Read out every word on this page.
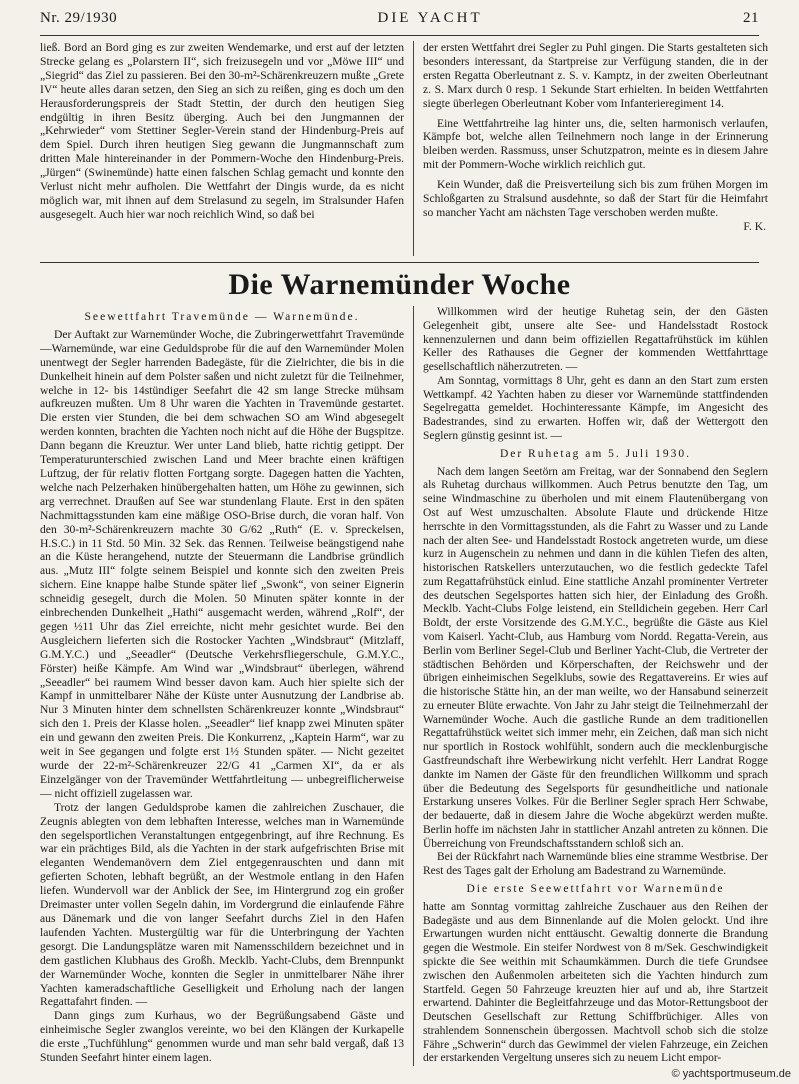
Nr. 29/1930	DIE YACHT	21

ließ. Bord an Bord ging es zur zweiten Wendemarke, und erst auf der letzten Strecke gelang es „Polarstern II“, sich freizusegeln und vor „Möwe III“ und „Siegrid“ das Ziel zu passieren. Bei den 30-m²-Schärenkreuzern mußte „Grete IV“ heute alles daran setzen, den Sieg an sich zu reißen, ging es doch um den Herausforderungspreis der Stadt Stettin, der durch den heutigen Sieg endgültig in ihren Besitz überging. Auch bei den Jungmannen der „Kehrwieder“ vom Stettiner Segler-Verein stand der Hindenburg-Preis auf dem Spiel. Durch ihren heutigen Sieg gewann die Jungmannschaft zum dritten Male hintereinander in der Pommern-Woche den Hindenburg-Preis. „Jürgen“ (Swinemünde) hatte einen falschen Schlag gemacht und konnte den Verlust nicht mehr aufholen. Die Wettfahrt der Dingis wurde, da es nicht möglich war, mit ihnen auf dem Strelasund zu segeln, im Stralsunder Hafen ausgesegelt. Auch hier war noch reichlich Wind, so daß bei

der ersten Wettfahrt drei Segler zu Puhl gingen. Die Starts gestalteten sich besonders interessant, da Startpreise zur Verfügung standen, die in der ersten Regatta Oberleutnant z. S. v. Kamptz, in der zweiten Oberleutnant z. S. Marx durch 0 resp. 1 Sekunde Start erhielten. In beiden Wettfahrten siegte überlegen Oberleutnant Kober vom Infanterieregiment 14.

Eine Wettfahrtreihe lag hinter uns, die, selten harmonisch verlaufen, Kämpfe bot, welche allen Teilnehmern noch lange in der Erinnerung bleiben werden. Rassmuss, unser Schutzpatron, meinte es in diesem Jahre mit der Pommern-Woche wirklich reichlich gut.

Kein Wunder, daß die Preisverteilung sich bis zum frühen Morgen im Schloßgarten zu Stralsund ausdehnte, so daß der Start für die Heimfahrt so mancher Yacht am nächsten Tage verschoben werden mußte.

F. K.
Die Warnemünder Woche

Seewettfahrt Travemünde — Warnemünde.

Der Auftakt zur Warnemünder Woche, die Zubringerwettfahrt Travemünde—Warnemünde, war eine Geduldsprobe für die auf den Warnemünder Molen unentwegt der Segler harrenden Badegäste, für die Zielrichter, die bis in die Dunkelheit hinein auf dem Polster saßen und nicht zuletzt für die Teilnehmer, welche in 12- bis 14stündiger Seefahrt die 42 sm lange Strecke mühsam aufkreuzen mußten. Um 8 Uhr waren die Yachten in Travemünde gestartet. Die ersten vier Stunden, die bei dem schwachen SO am Wind abgesegelt werden konnten, brachten die Yachten noch nicht auf die Höhe der Bugspitze. Dann begann die Kreuztur. Wer unter Land blieb, hatte richtig getippt. Der Temperaturunterschied zwischen Land und Meer brachte einen kräftigen Luftzug, der für relativ flotten Fortgang sorgte. Dagegen hatten die Yachten, welche nach Pelzerhaken hinübergehalten hatten, um Höhe zu gewinnen, sich arg verrechnet. Draußen auf See war stundenlang Flaute. Erst in den späten Nachmittagsstunden kam eine mäßige OSO-Brise durch, die voran half. Von den 30-m²-Schärenkreuzern machte 30 G/62 „Ruth“ (E. v. Spreckelsen, H.S.C.) in 11 Std. 50 Min. 32 Sek. das Rennen. Teilweise beängstigend nahe an die Küste herangehend, nutzte der Steuermann die Landbrise gründlich aus. „Mutz III“ folgte seinem Beispiel und konnte sich den zweiten Preis sichern. Eine knappe halbe Stunde später lief „Swonk“, von seiner Eignerin schneidig gesegelt, durch die Molen. 50 Minuten später konnte in der einbrechenden Dunkelheit „Hathi“ ausgemacht werden, während „Rolf“, der gegen ½11 Uhr das Ziel erreichte, nicht mehr gesichtet wurde. Bei den Ausgleichern lieferten sich die Rostocker Yachten „Windsbraut“ (Mitzlaff, G.M.Y.C.) und „Seeadler“ (Deutsche Verkehrsfliegerschule, G.M.Y.C., Förster) heiße Kämpfe. Am Wind war „Windsbraut“ überlegen, während „Seeadler“ bei raumem Wind besser davon kam. Auch hier spielte sich der Kampf in unmittelbarer Nähe der Küste unter Ausnutzung der Landbrise ab. Nur 3 Minuten hinter dem schnellsten Schärenkreuzer konnte „Windsbraut“ sich den 1. Preis der Klasse holen. „Seeadler“ lief knapp zwei Minuten später ein und gewann den zweiten Preis. Die Konkurrenz, „Kaptein Harm“, war zu weit in See gegangen und folgte erst 1½ Stunden später. — Nicht gezeitet wurde der 22-m²-Schärenkreuzer 22/G 41 „Carmen XI“, da er als Einzelgänger von der Travemünder Wettfahrtleitung — unbegreiflicherweise — nicht offiziell zugelassen war.

Trotz der langen Geduldsprobe kamen die zahlreichen Zuschauer, die Zeugnis ablegten von dem lebhaften Interesse, welches man in Warnemünde den segelsportlichen Veranstaltungen entgegenbringt, auf ihre Rechnung. Es war ein prächtiges Bild, als die Yachten in der stark aufgefrischten Brise mit eleganten Wendemanövern dem Ziel entgegenrauschten und dann mit gefierten Schoten, lebhaft begrüßt, an der Westmole entlang in den Hafen liefen. Wundervoll war der Anblick der See, im Hintergrund zog ein großer Dreimaster unter vollen Segeln dahin, im Vordergrund die einlaufende Fähre aus Dänemark und die von langer Seefahrt durchs Ziel in den Hafen laufenden Yachten. Mustergültig war für die Unterbringung der Yachten gesorgt. Die Landungsplätze waren mit Namensschildern bezeichnet und in dem gastlichen Klubhaus des Großh. Mecklb. Yacht-Clubs, dem Brennpunkt der Warnemünder Woche, konnten die Segler in unmittelbarer Nähe ihrer Yachten kameradschaftliche Geselligkeit und Erholung nach der langen Regattafahrt finden. —

Dann gings zum Kurhaus, wo der Begrüßungsabend Gäste und einheimische Segler zwanglos vereinte, wo bei den Klängen der Kurkapelle die erste „Tuchfühlung“ genommen wurde und man sehr bald vergaß, daß 13 Stunden Seefahrt hinter einem lagen.

Willkommen wird der heutige Ruhetag sein, der den Gästen Gelegenheit gibt, unsere alte See- und Handelsstadt Rostock kennenzulernen und dann beim offiziellen Regattafrühstück im kühlen Keller des Rathauses die Gegner der kommenden Wettfahrttage gesellschaftlich näherzutreten. —

Am Sonntag, vormittags 8 Uhr, geht es dann an den Start zum ersten Wettkampf. 42 Yachten haben zu dieser vor Warnemünde stattfindenden Segelregatta gemeldet. Hochinteressante Kämpfe, im Angesicht des Badestrandes, sind zu erwarten. Hoffen wir, daß der Wettergott den Seglern günstig gesinnt ist. —

Der Ruhetag am 5. Juli 1930.

Nach dem langen Seetörn am Freitag, war der Sonnabend den Seglern als Ruhetag durchaus willkommen. Auch Petrus benutzte den Tag, um seine Windmaschine zu überholen und mit einem Flautenübergang von Ost auf West umzuschalten. Absolute Flaute und drückende Hitze herrschte in den Vormittagsstunden, als die Fahrt zu Wasser und zu Lande nach der alten See- und Handelsstadt Rostock angetreten wurde, um diese kurz in Augenschein zu nehmen und dann in die kühlen Tiefen des alten, historischen Ratskellers unterzutauchen, wo die festlich gedeckte Tafel zum Regattafrühstück einlud. Eine stattliche Anzahl prominenter Vertreter des deutschen Segelsportes hatten sich hier, der Einladung des Großh. Mecklb. Yacht-Clubs Folge leistend, ein Stelldichein gegeben. Herr Carl Boldt, der erste Vorsitzende des G.M.Y.C., begrüßte die Gäste aus Kiel vom Kaiserl. Yacht-Club, aus Hamburg vom Nordd. Regatta-Verein, aus Berlin vom Berliner Segel-Club und Berliner Yacht-Club, die Vertreter der städtischen Behörden und Körperschaften, der Reichswehr und der übrigen einheimischen Segelklubs, sowie des Regattavereins. Er wies auf die historische Stätte hin, an der man weilte, wo der Hansabund seinerzeit zu erneuter Blüte erwachte. Von Jahr zu Jahr steigt die Teilnehmerzahl der Warnemünder Woche. Auch die gastliche Runde an dem traditionellen Regattafrühstück weitet sich immer mehr, ein Zeichen, daß man sich nicht nur sportlich in Rostock wohlfühlt, sondern auch die mecklenburgische Gastfreundschaft ihre Werbewirkung nicht verfehlt. Herr Landrat Rogge dankte im Namen der Gäste für den freundlichen Willkomm und sprach über die Bedeutung des Segelsports für gesundheitliche und nationale Erstarkung unseres Volkes. Für die Berliner Segler sprach Herr Schwabe, der bedauerte, daß in diesem Jahre die Woche abgekürzt werden mußte. Berlin hoffe im nächsten Jahr in stattlicher Anzahl antreten zu können. Die Überreichung von Freundschaftsstandern schloß sich an.

Bei der Rückfahrt nach Warnemünde blies eine stramme Westbrise. Der Rest des Tages galt der Erholung am Badestrand zu Warnemünde.

Die erste Seewettfahrt vor Warnemünde

hatte am Sonntag vormittag zahlreiche Zuschauer aus den Reihen der Badegäste und aus dem Binnenlande auf die Molen gelockt. Und ihre Erwartungen wurden nicht enttäuscht. Gewaltig donnerte die Brandung gegen die Westmole. Ein steifer Nordwest von 8 m/Sek. Geschwindigkeit spickte die See weithin mit Schaumkämmen. Durch die tiefe Grundsee zwischen den Außenmolen arbeiteten sich die Yachten hindurch zum Startfeld. Gegen 50 Fahrzeuge kreuzten hier auf und ab, ihre Startzeit erwartend. Dahinter die Begleitfahrzeuge und das Motor-Rettungsboot der Deutschen Gesellschaft zur Rettung Schiffbrüchiger. Alles von strahlendem Sonnenschein übergossen. Machtvoll schob sich die stolze Fähre „Schwerin“ durch das Gewimmel der vielen Fahrzeuge, ein Zeichen der erstarkenden Vergeltung unseres sich zu neuem Licht empor-

© yachtsportmuseum.de
